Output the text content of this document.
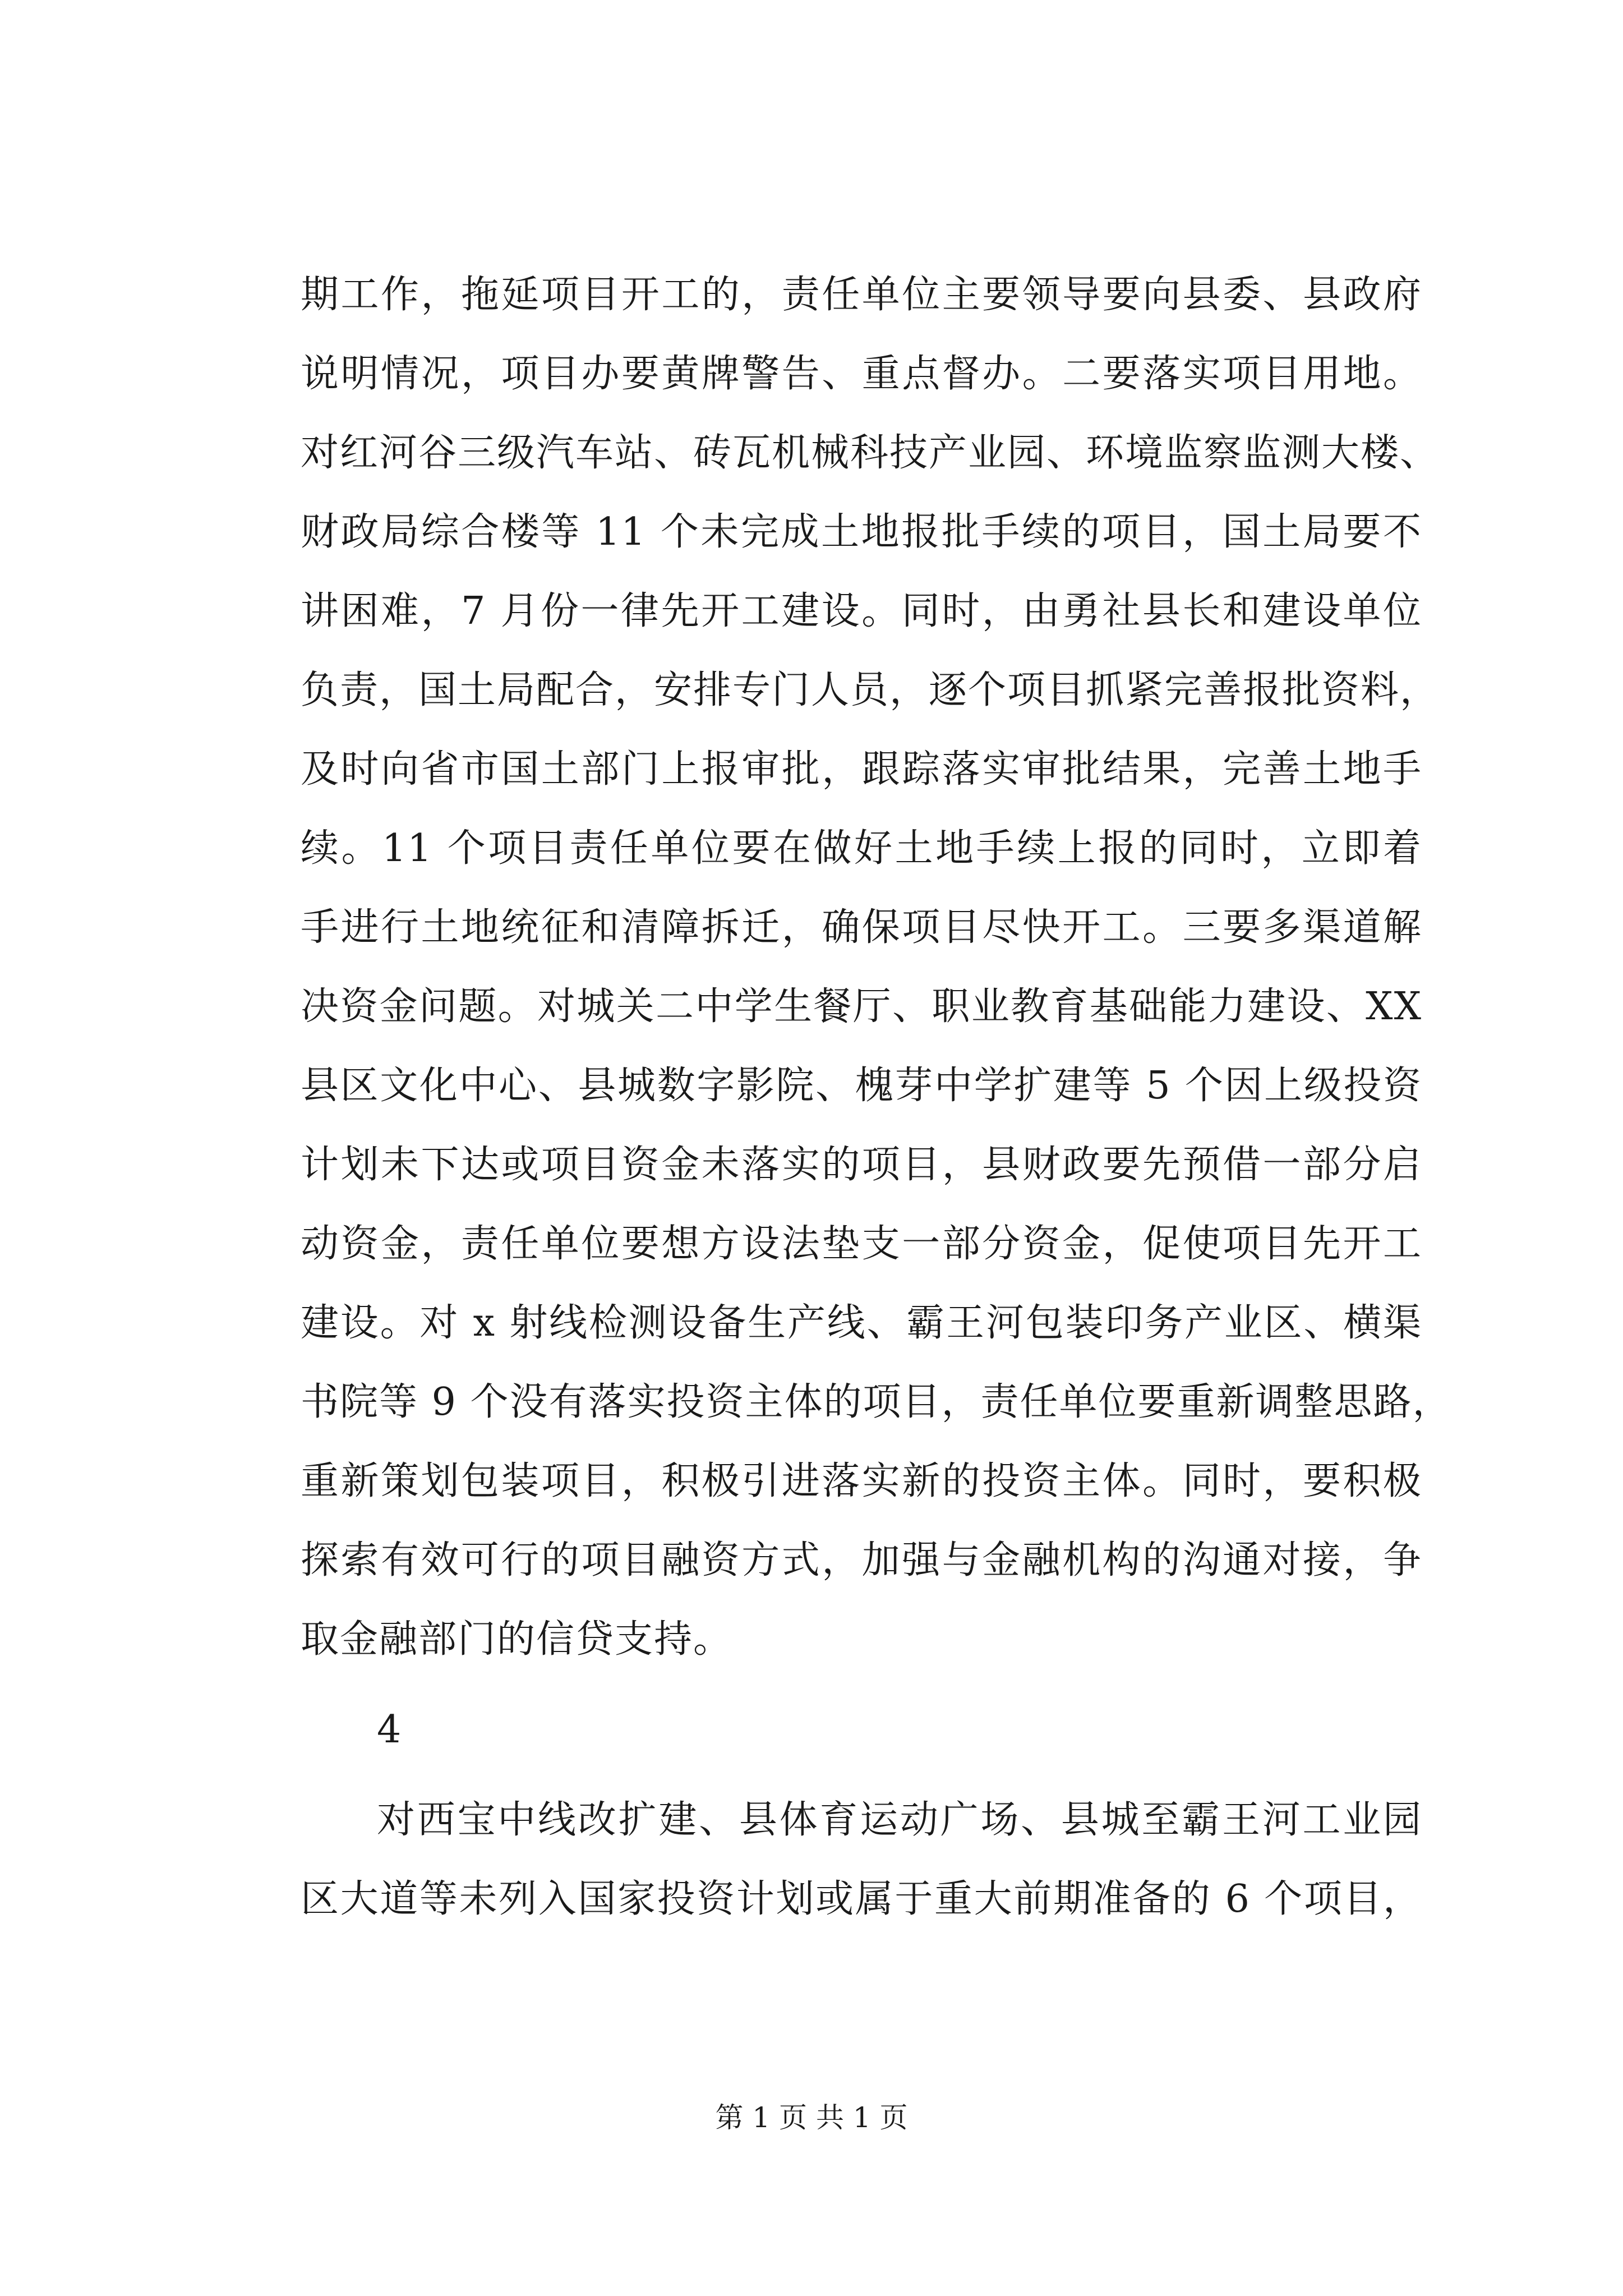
期工作，拖延项目开工的，责任单位主要领导要向县委、县政府
说明情况，项目办要黄牌警告、重点督办。二要落实项目用地。
对红河谷三级汽车站、砖瓦机械科技产业园、环境监察监测大楼、
财政局综合楼等 11 个未完成土地报批手续的项目，国土局要不
讲困难，7 月份一律先开工建设。同时，由勇社县长和建设单位
负责，国土局配合，安排专门人员，逐个项目抓紧完善报批资料，
及时向省市国土部门上报审批，跟踪落实审批结果，完善土地手
续。11 个项目责任单位要在做好土地手续上报的同时，立即着
手进行土地统征和清障拆迁，确保项目尽快开工。三要多渠道解
决资金问题。对城关二中学生餐厅、职业教育基础能力建设、XX
县区文化中心、县城数字影院、槐芽中学扩建等 5 个因上级投资
计划未下达或项目资金未落实的项目，县财政要先预借一部分启
动资金，责任单位要想方设法垫支一部分资金，促使项目先开工
建设。对 x 射线检测设备生产线、霸王河包装印务产业区、横渠
书院等 9 个没有落实投资主体的项目，责任单位要重新调整思路，
重新策划包装项目，积极引进落实新的投资主体。同时，要积极
探索有效可行的项目融资方式，加强与金融机构的沟通对接，争
取金融部门的信贷支持。
4
对西宝中线改扩建、县体育运动广场、县城至霸王河工业园
区大道等未列入国家投资计划或属于重大前期准备的 6 个项目，
第 1 页 共 1 页
